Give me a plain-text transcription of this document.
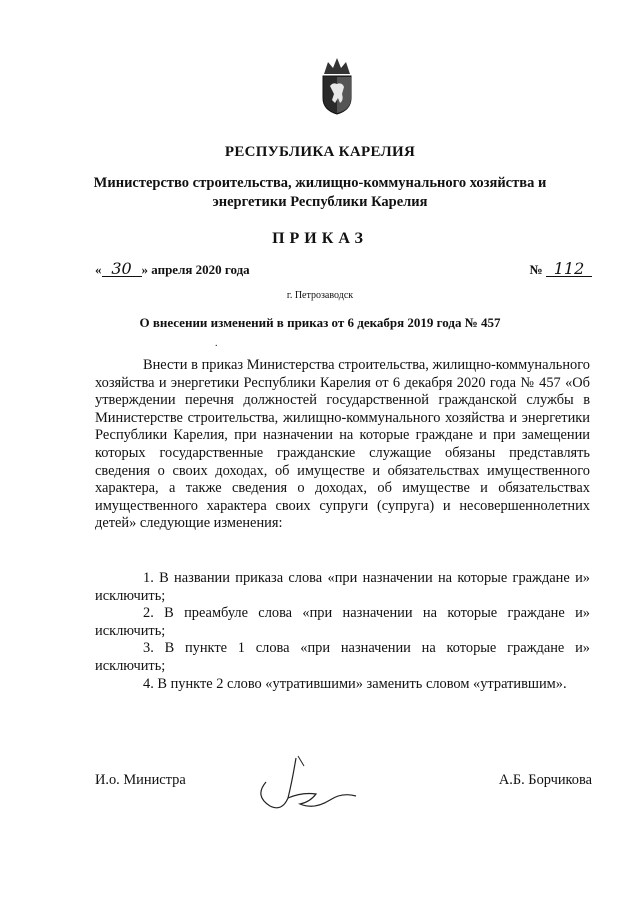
РЕСПУБЛИКА КАРЕЛИЯ
Министерство строительства, жилищно-коммунального хозяйства и
энергетики Республики Карелия
ПРИКАЗ
« 30 » апреля 2020 года	№ 112
г. Петрозаводск
О внесении изменений в приказ от 6 декабря 2019 года № 457
.
Внести в приказ Министерства строительства, жилищно-коммунального хозяйства и энергетики Республики Карелия от 6 декабря 2020 года № 457 «Об утверждении перечня должностей государственной гражданской службы в Министерстве строительства, жилищно-коммунального хозяйства и энергетики Республики Карелия, при назначении на которые граждане и при замещении которых государственные гражданские служащие обязаны представлять сведения о своих доходах, об имуществе и обязательствах имущественного характера, а также сведения о доходах, об имуществе и обязательствах имущественного характера своих супруги (супруга) и несовершеннолетних детей» следующие изменения:

1. В названии приказа слова «при назначении на которые граждане и» исключить;

2. В преамбуле слова «при назначении на которые граждане и» исключить;

3. В пункте 1 слова «при назначении на которые граждане и» исключить;

4. В пункте 2 слово «утратившими» заменить словом «утратившим».

И.о. Министра	А.Б. Борчикова
